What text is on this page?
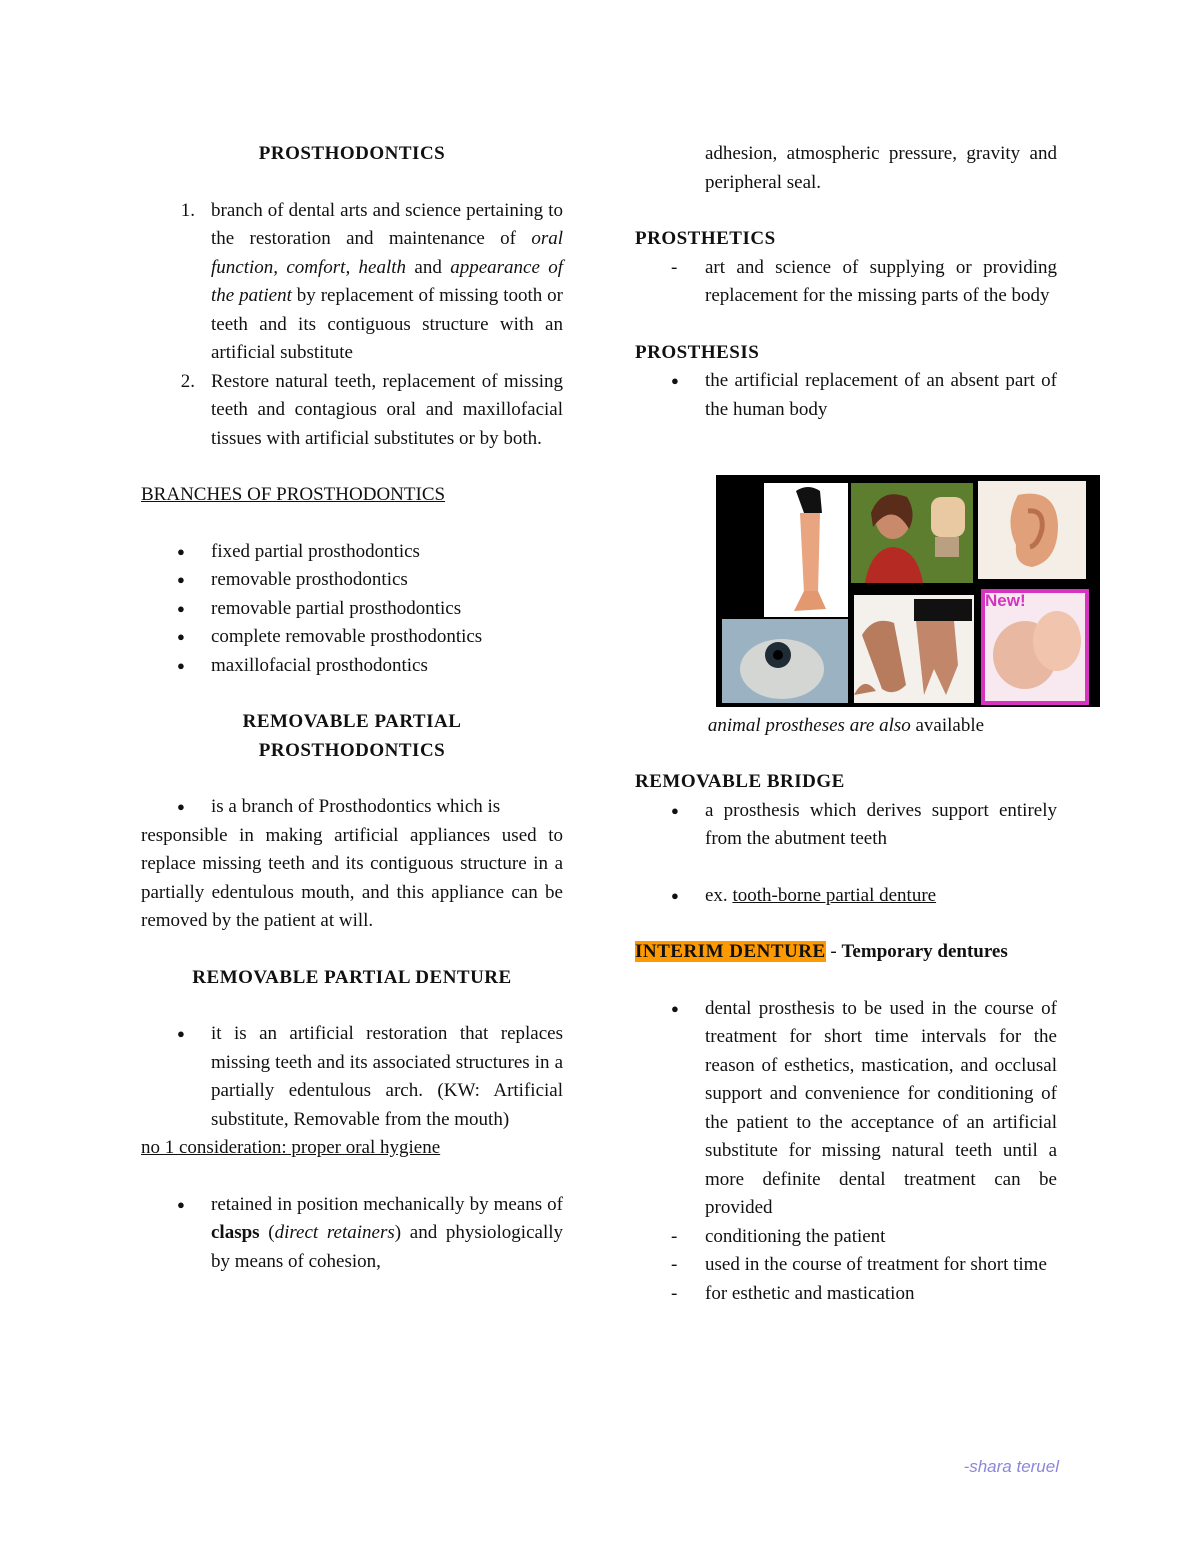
PROSTHODONTICS
1. branch of dental arts and science pertaining to the restoration and maintenance of oral function, comfort, health and appearance of the patient by replacement of missing tooth or teeth and its contiguous structure with an artificial substitute
2. Restore natural teeth, replacement of missing teeth and contagious oral and maxillofacial tissues with artificial substitutes or by both.
BRANCHES OF PROSTHODONTICS
●	fixed partial prosthodontics
●	removable prosthodontics
●	removable partial prosthodontics
●	complete removable prosthodontics
●	maxillofacial prosthodontics
REMOVABLE PARTIAL
PROSTHODONTICS
●	is a branch of Prosthodontics which is
responsible in making artificial appliances used to replace missing teeth and its contiguous structure in a partially edentulous mouth, and this appliance can be removed by the patient at will.
REMOVABLE PARTIAL DENTURE
●	it is an artificial restoration that replaces missing teeth and its associated structures in a partially edentulous arch. (KW: Artificial substitute, Removable from the mouth)
no 1 consideration: proper oral hygiene
●	retained in position mechanically by means of clasps (direct retainers) and physiologically by means of cohesion,
adhesion, atmospheric pressure, gravity and peripheral seal.
PROSTHETICS
-	art and science of supplying or providing replacement for the missing parts of the body
PROSTHESIS
●	the artificial replacement of an absent part of the human body
New!
animal prostheses are also available
REMOVABLE BRIDGE
●	a prosthesis which derives support entirely from the abutment teeth
●	ex. tooth-borne partial denture
INTERIM DENTURE - Temporary dentures
●	dental prosthesis to be used in the course of treatment for short time intervals for the reason of esthetics, mastication, and occlusal support and convenience for conditioning of the patient to the acceptance of an artificial substitute for missing natural teeth until a more definite dental treatment can be provided
-	conditioning the patient
-	used in the course of treatment for short time
-	for esthetic and mastication
-shara teruel
